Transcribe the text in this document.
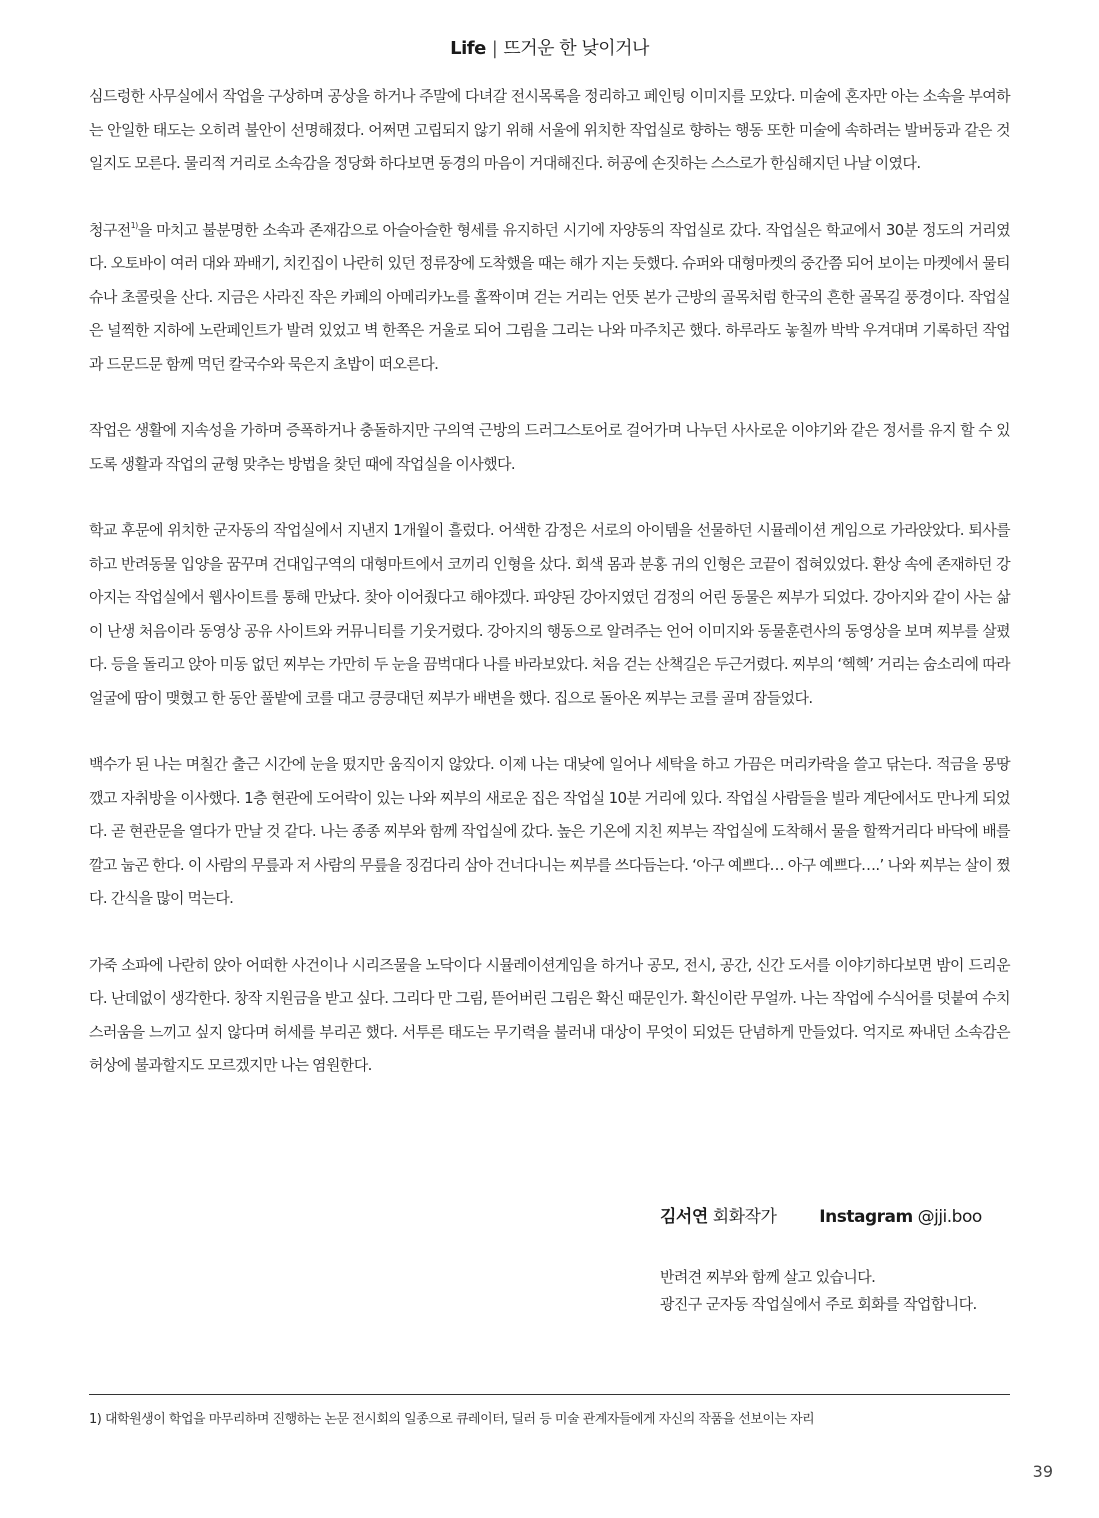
Life | 뜨거운 한 낮이거나

심드렁한 사무실에서 작업을 구상하며 공상을 하거나 주말에 다녀갈 전시목록을 정리하고 페인팅 이미지를 모았다. 미술에 혼자만 아는 소속을 부여하는 안일한 태도는 오히려 불안이 선명해졌다. 어쩌면 고립되지 않기 위해 서울에 위치한 작업실로 향하는 행동 또한 미술에 속하려는 발버둥과 같은 것일지도 모른다. 물리적 거리로 소속감을 정당화 하다보면 동경의 마음이 거대해진다. 허공에 손짓하는 스스로가 한심해지던 나날 이였다.

청구전$^{1)}$을 마치고 불분명한 소속과 존재감으로 아슬아슬한 형세를 유지하던 시기에 자양동의 작업실로 갔다. 작업실은 학교에서 30분 정도의 거리였다. 오토바이 여러 대와 꽈배기, 치킨집이 나란히 있던 정류장에 도착했을 때는 해가 지는 듯했다. 슈퍼와 대형마켓의 중간쯤 되어 보이는 마켓에서 물티슈나 초콜릿을 산다. 지금은 사라진 작은 카페의 아메리카노를 홀짝이며 걷는 거리는 언뜻 본가 근방의 골목처럼 한국의 흔한 골목길 풍경이다. 작업실은 널찍한 지하에 노란페인트가 발려 있었고 벽 한쪽은 거울로 되어 그림을 그리는 나와 마주치곤 했다. 하루라도 놓칠까 박박 우겨대며 기록하던 작업과 드문드문 함께 먹던 칼국수와 묵은지 초밥이 떠오른다.

작업은 생활에 지속성을 가하며 증폭하거나 충돌하지만 구의역 근방의 드러그스토어로 걸어가며 나누던 사사로운 이야기와 같은 정서를 유지 할 수 있도록 생활과 작업의 균형 맞추는 방법을 찾던 때에 작업실을 이사했다.

학교 후문에 위치한 군자동의 작업실에서 지낸지 1개월이 흘렀다. 어색한 감정은 서로의 아이템을 선물하던 시뮬레이션 게임으로 가라앉았다. 퇴사를 하고 반려동물 입양을 꿈꾸며 건대입구역의 대형마트에서 코끼리 인형을 샀다. 회색 몸과 분홍 귀의 인형은 코끝이 접혀있었다. 환상 속에 존재하던 강아지는 작업실에서 웹사이트를 통해 만났다. 찾아 이어줬다고 해야겠다. 파양된 강아지였던 검정의 어린 동물은 찌부가 되었다. 강아지와 같이 사는 삶이 난생 처음이라 동영상 공유 사이트와 커뮤니티를 기웃거렸다. 강아지의 행동으로 알려주는 언어 이미지와 동물훈련사의 동영상을 보며 찌부를 살폈다. 등을 돌리고 앉아 미동 없던 찌부는 가만히 두 눈을 끔벅대다 나를 바라보았다. 처음 걷는 산책길은 두근거렸다. 찌부의 ‘헥헥’ 거리는 숨소리에 따라 얼굴에 땀이 맺혔고 한 동안 풀밭에 코를 대고 킁킁대던 찌부가 배변을 했다. 집으로 돌아온 찌부는 코를 골며 잠들었다.

백수가 된 나는 며칠간 출근 시간에 눈을 떴지만 움직이지 않았다. 이제 나는 대낮에 일어나 세탁을 하고 가끔은 머리카락을 쓸고 닦는다. 적금을 몽땅 깼고 자취방을 이사했다. 1층 현관에 도어락이 있는 나와 찌부의 새로운 집은 작업실 10분 거리에 있다. 작업실 사람들을 빌라 계단에서도 만나게 되었다. 곧 현관문을 열다가 만날 것 같다. 나는 종종 찌부와 함께 작업실에 갔다. 높은 기온에 지친 찌부는 작업실에 도착해서 물을 할짝거리다 바닥에 배를 깔고 눕곤 한다. 이 사람의 무릎과 저 사람의 무릎을 징검다리 삼아 건너다니는 찌부를 쓰다듬는다. ‘아구 예쁘다… 아구 예쁘다….’ 나와 찌부는 살이 쪘다. 간식을 많이 먹는다.

가죽 소파에 나란히 앉아 어떠한 사건이나 시리즈물을 노닥이다 시뮬레이션게임을 하거나 공모, 전시, 공간, 신간 도서를 이야기하다보면 밤이 드리운다. 난데없이 생각한다. 창작 지원금을 받고 싶다. 그리다 만 그림, 뜯어버린 그림은 확신 때문인가. 확신이란 무얼까. 나는 작업에 수식어를 덧붙여 수치스러움을 느끼고 싶지 않다며 허세를 부리곤 했다. 서투른 태도는 무기력을 불러내 대상이 무엇이 되었든 단념하게 만들었다. 억지로 짜내던 소속감은 허상에 불과할지도 모르겠지만 나는 염원한다.

김서연 회화작가	Instagram @jji.boo
반려견 찌부와 함께 살고 있습니다.
광진구 군자동 작업실에서 주로 회화를 작업합니다.
1) 대학원생이 학업을 마무리하며 진행하는 논문 전시회의 일종으로 큐레이터, 딜러 등 미술 관계자들에게 자신의 작품을 선보이는 자리
39
